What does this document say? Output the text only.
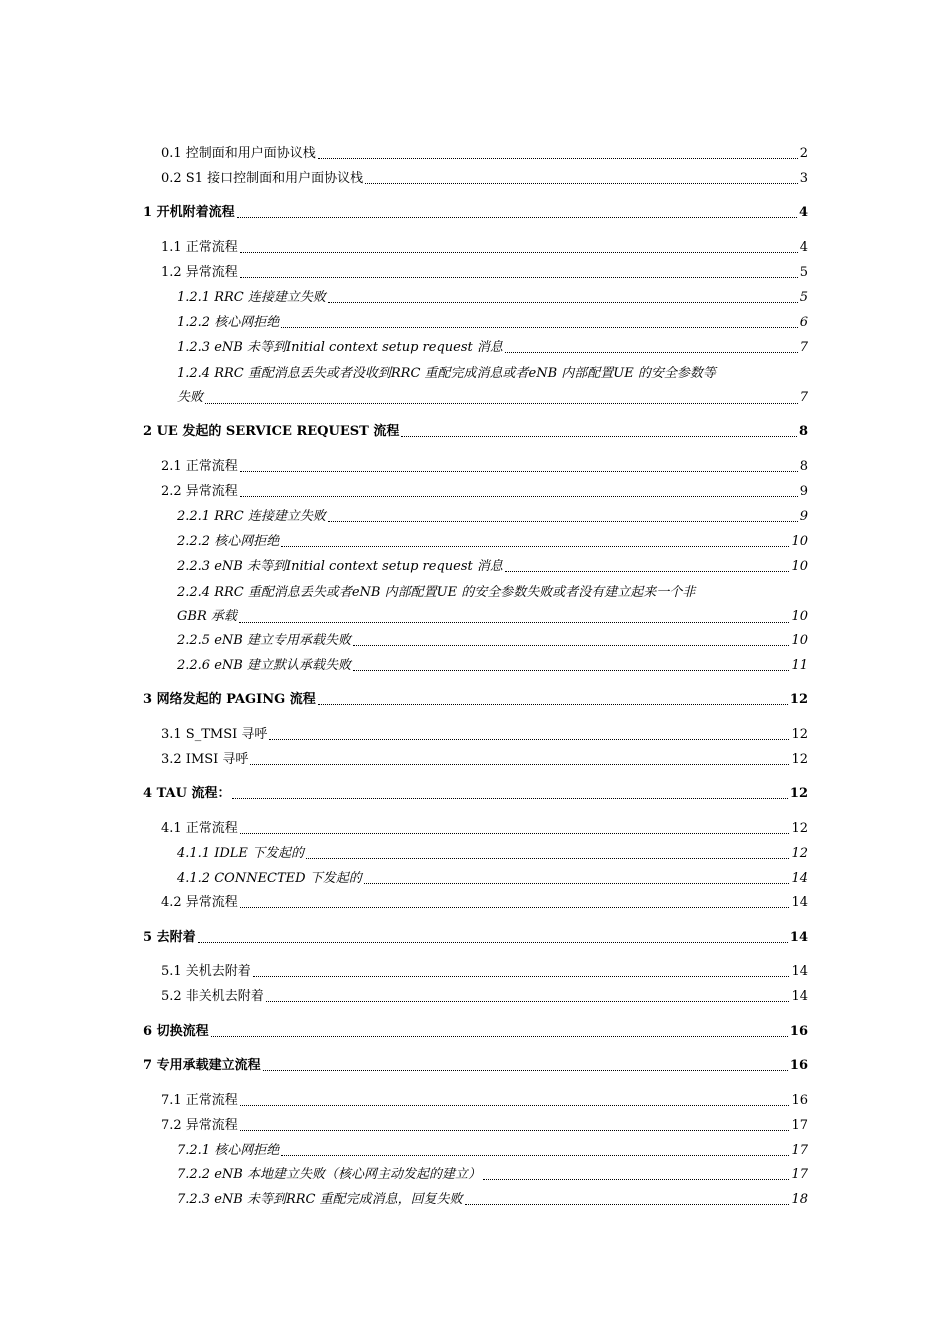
0.1 控制面和用户面协议栈	2
0.2 S1 接口控制面和用户面协议栈	3
1 开机附着流程	4
1.1 正常流程	4
1.2 异常流程	5
1.2.1 RRC 连接建立失败	5
1.2.2 核心网拒绝	6
1.2.3 eNB 未等到Initial context setup request 消息	7
1.2.4 RRC 重配消息丢失或者没收到RRC 重配完成消息或者eNB 内部配置UE 的安全参数等
失败	7
2 UE 发起的 SERVICE REQUEST 流程	8
2.1 正常流程	8
2.2 异常流程	9
2.2.1 RRC 连接建立失败	9
2.2.2 核心网拒绝	10
2.2.3 eNB 未等到Initial context setup request 消息	10
2.2.4 RRC 重配消息丢失或者eNB 内部配置UE 的安全参数失败或者没有建立起来一个非
GBR 承载	10
2.2.5 eNB 建立专用承载失败	10
2.2.6 eNB 建立默认承载失败	11
3 网络发起的 PAGING 流程	12
3.1 S_TMSI 寻呼	12
3.2 IMSI 寻呼	12
4 TAU 流程：	12
4.1 正常流程	12
4.1.1 IDLE 下发起的	12
4.1.2 CONNECTED 下发起的	14
4.2 异常流程	14
5 去附着	14
5.1 关机去附着	14
5.2 非关机去附着	14
6 切换流程	16
7 专用承载建立流程	16
7.1 正常流程	16
7.2 异常流程	17
7.2.1 核心网拒绝	17
7.2.2 eNB 本地建立失败（核心网主动发起的建立）	17
7.2.3 eNB 未等到RRC 重配完成消息，回复失败	18
